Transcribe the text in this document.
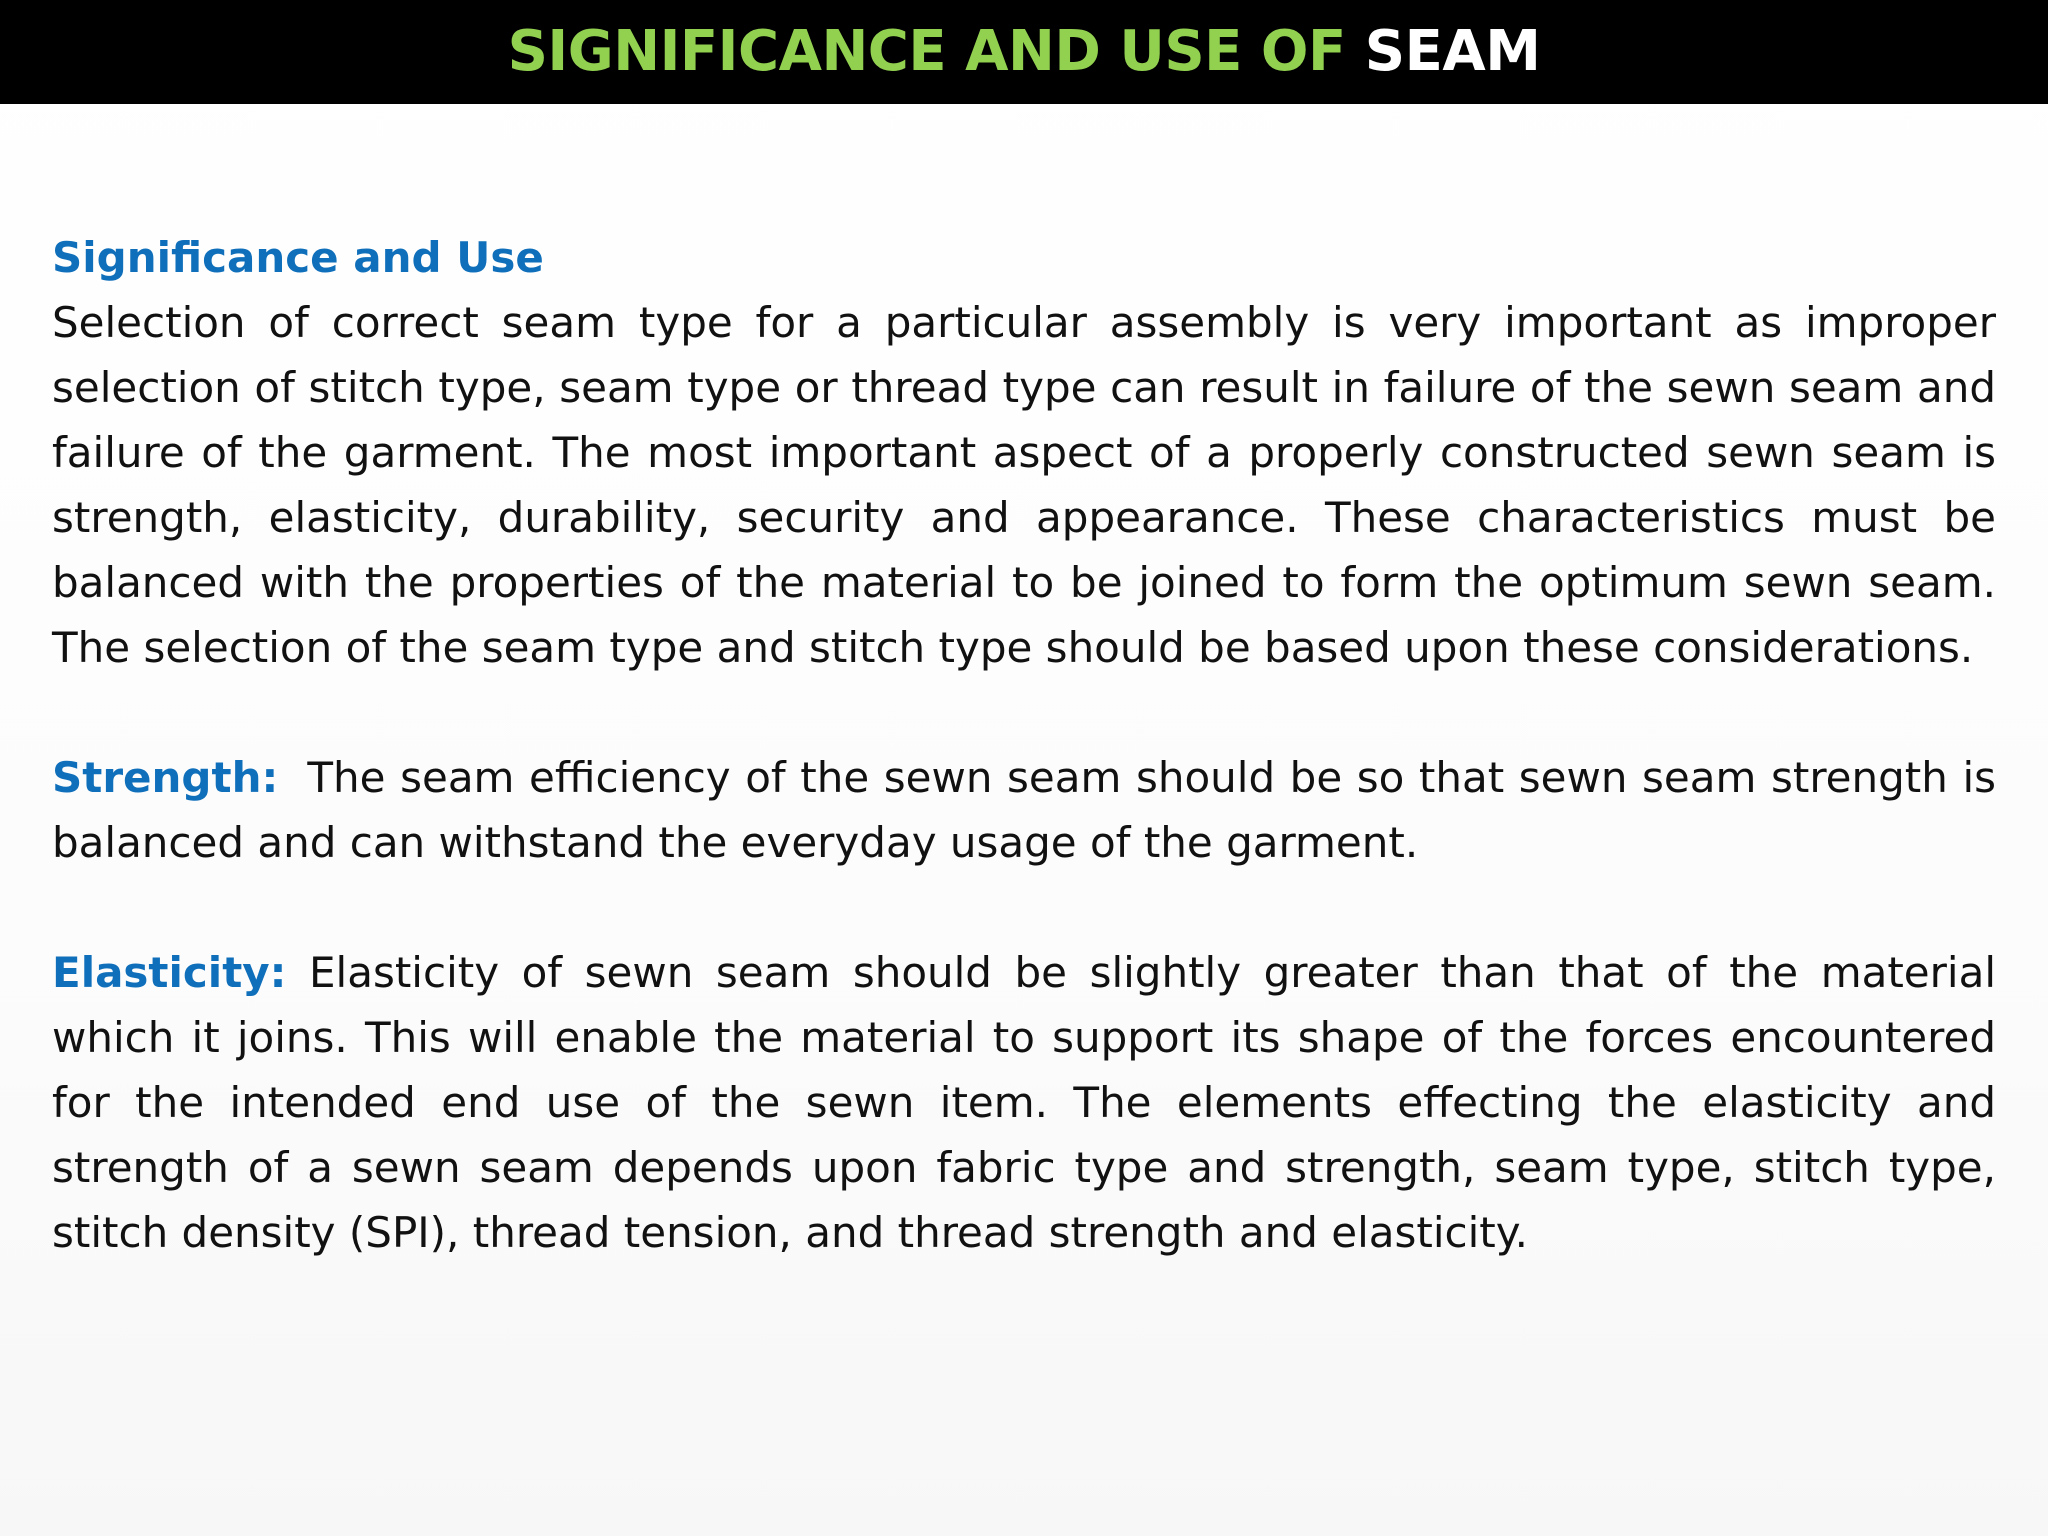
SIGNIFICANCE AND USE OF SEAM

Significance and Use

Selection of correct seam type for a particular assembly is very important as improper selection of stitch type, seam type or thread type can result in failure of the sewn seam and failure of the garment. The most important aspect of a properly constructed sewn seam is strength, elasticity, durability, security and appearance. These characteristics must be balanced with the properties of the material to be joined to form the optimum sewn seam. The selection of the seam type and stitch type should be based upon these considerations.

Strength: The seam efficiency of the sewn seam should be so that sewn seam strength is balanced and can withstand the everyday usage of the garment.

Elasticity: Elasticity of sewn seam should be slightly greater than that of the material which it joins. This will enable the material to support its shape of the forces encountered for the intended end use of the sewn item. The elements effecting the elasticity and strength of a sewn seam depends upon fabric type and strength, seam type, stitch type, stitch density (SPI), thread tension, and thread strength and elasticity.
